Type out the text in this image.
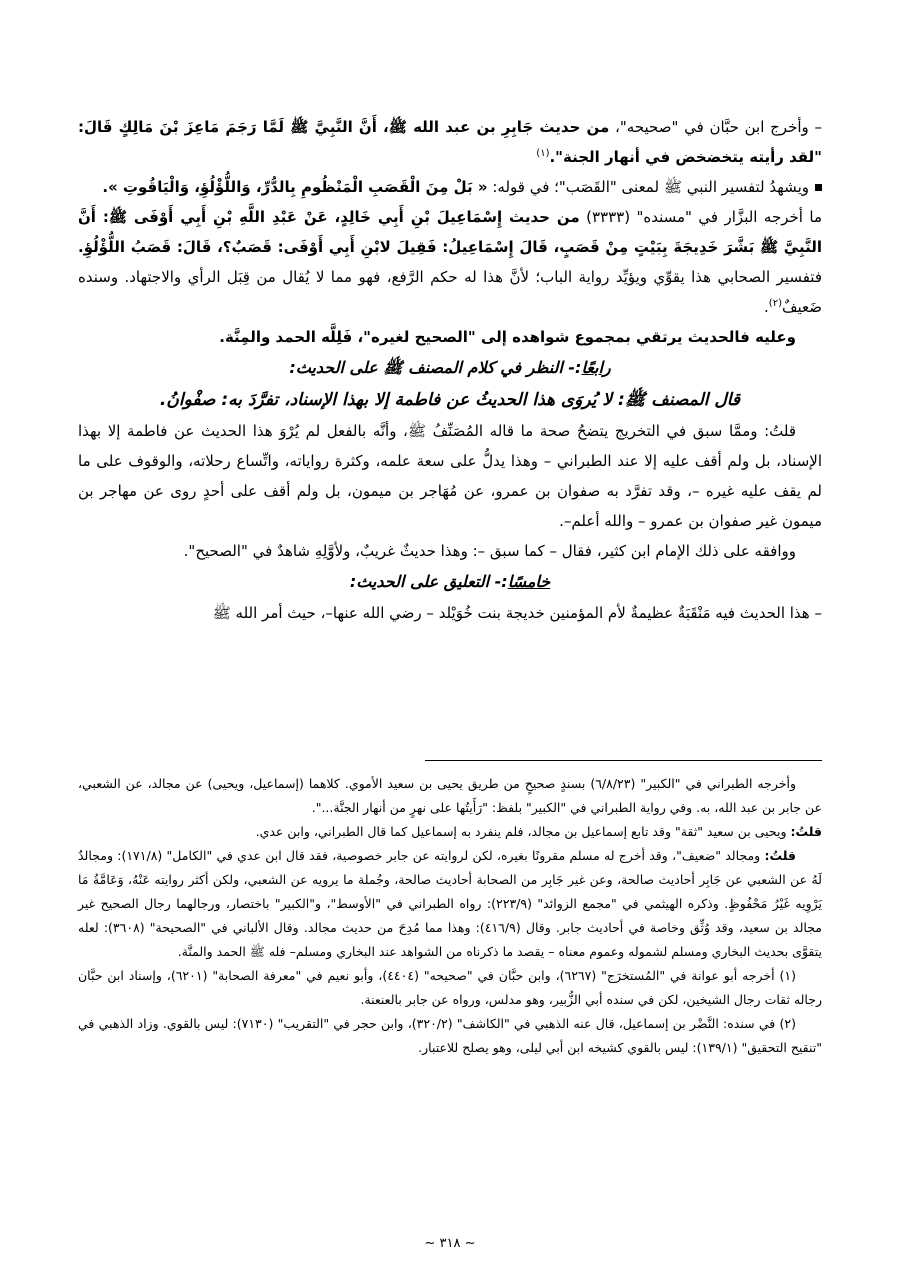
– وأخرج ابن حبَّان في "صحيحه"، من حديث جَابِرِ بن عبد الله ﷺ، أَنَّ النَّبِيَّ ﷺ لَمَّا رَجَمَ مَاعِزَ بْنَ مَالِكٍ قَالَ: "لقد رأيته يتخضخض في أنهار الجنة".$^{(١)}$

ويشهدُ لتفسير النبي ﷺ لمعنى "القَصَب"؛ في قوله: « بَلْ مِنَ الْقَصَبِ الْمَنْظُومِ بِالدُّرِّ، وَاللُّؤْلُؤِ، وَالْيَاقُوتِ ».

ما أخرجه البزَّار في "مسنده" (٣٣٣٣) من حديث إِسْمَاعِيلَ بْنِ أَبِي خَالِدٍ، عَنْ عَبْدِ اللَّهِ بْنِ أَبِي أَوْفَى ﷺ: أَنَّ النَّبِيَّ ﷺ بَشَّرَ خَدِيجَةَ بِبَيْتٍ مِنْ قَصَبٍ، قَالَ إِسْمَاعِيلُ: فَقِيلَ لابْنِ أَبِي أَوْفَى: قَصَبٌ؟، قَالَ: قَصَبُ اللُّؤْلُؤِ. فتفسير الصحابي هذا يقوِّي ويؤيِّد رواية الباب؛ لأنَّ هذا له حكم الرَّفع، فهو مما لا يُقال من قِبَل الرأي والاجتهاد. وسنده ضَعيفٌ$^{(٢)}$.

وعليه فالحديث يرتقي بمجموع شواهده إلى "الصحيح لغيره"، فَلِلَّه الحمد والمِنَّة.

رابعًا:- النظر في كلام المصنف ﷺ على الحديث:

قال المصنف ﷺ: لا يُروَى هذا الحديثُ عن فاطمة إلا بهذا الإسناد، تفرَّدَ به: صفْوانُ.

قلتُ: وممَّا سبق في التخريج يتضحُ صحة ما قاله المُصَنِّفُ ﷺ، وأنَّه بالفعل لم يُرْوَ هذا الحديث عن فاطمة إلا بهذا الإسناد، بل ولم أقف عليه إلا عند الطبراني – وهذا يدلُّ على سعة علمه، وكثرة رواياته، واتِّساع رحلاته، والوقوف على ما لم يقف عليه غيره –، وقد تفرَّد به صفوان بن عمرو، عن مُهَاجر بن ميمون، بل ولم أقف على أحدٍ روى عن مهاجر بن ميمون غير صفوان بن عمرو – والله أعلم–.

ووافقه على ذلك الإمام ابن كثير، فقال – كما سبق –: وهذا حديثٌ غريبٌ، ولأوَّلِهِ شاهدٌ في "الصحيح".

خامسًا:- التعليق على الحديث:

– هذا الحديث فيه مَنْقَبَةٌ عظيمةٌ لأم المؤمنين خديجة بنت خُوَيْلد – رضي الله عنها–، حيث أمر الله ﷺ

وأخرجه الطبراني في "الكبير" (٦/٨/٢٣) بسندٍ صحيحٍ من طريق يحيى بن سعيد الأموي. كلاهما (إسماعيل، ويحيى) عن مجالد، عن الشعبي، عن جابر بن عبد الله، به. وفي رواية الطبراني في "الكبير" بلفظ: "رَأَيتُها على نهرٍ من أنهار الجنَّة...".

قلتُ: ويحيى بن سعيد "ثقة" وقد تابع إسماعيل بن مجالد، فلم ينفرد به إسماعيل كما قال الطبراني، وابن عدي.

قلتُ: ومجالد "ضعيف"، وقد أخرج له مسلم مقرونًا بغيره، لكن لروايته عن جابر خصوصية، فقد قال ابن عدي في "الكامل" (١٧١/٨): ومجالدٌ لَهُ عن الشعبي عن جَابِر أحاديث صالحة، وعن غير جَابِر من الصحابة أحاديث صالحة، وجُملة ما يرويه عن الشعبي، ولكن أكثر روايته عَنْهُ، وَعَامَّةُ مَا يَرْوِيه غَيْرُ مَحْفُوظٍ. وذكره الهيثمي في "مجمع الزوائد" (٢٢٣/٩): رواه الطبراني في "الأوسط"، و"الكبير" باختصار، ورجالهما رجال الصحيح غير مجالد بن سعيد، وقد وُثِّق وخاصة في أحاديث جابر. وقال (٤١٦/٩): وهذا مما مُدِحَ من حديث مجالد. وقال الألباني في "الصحيحة" (٣٦٠٨): لعله يتقوَّى بحديث البخاري ومسلم لشموله وعموم معناه – يقصد ما ذكرناه من الشواهد عند البخاري ومسلم– فله ﷺ الحمد والمنَّة.

(١) أخرجه أبو عوانة في "المُستخرَج" (٦٢٦٧)، وابن حبَّان في "صحيحه" (٤٤٠٤)، وأبو نعيم في "معرفة الصحابة" (٦٢٠١)، وإسناد ابن حبَّان رجاله ثقات رجال الشيخين، لكن في سنده أبي الزُّبير، وهو مدلس، ورواه عن جابر بالعنعنة.

(٢) في سنده: النَّضْر بن إسماعيل، قال عنه الذهبي في "الكاشف" (٣٢٠/٢)، وابن حجر في "التقريب" (٧١٣٠): ليس بالقوي. وزاد الذهبي في "تنقيح التحقيق" (١٣٩/١): ليس بالقوي كشيخه ابن أبي ليلى، وهو يصلح للاعتبار.

~ ٣١٨ ~
